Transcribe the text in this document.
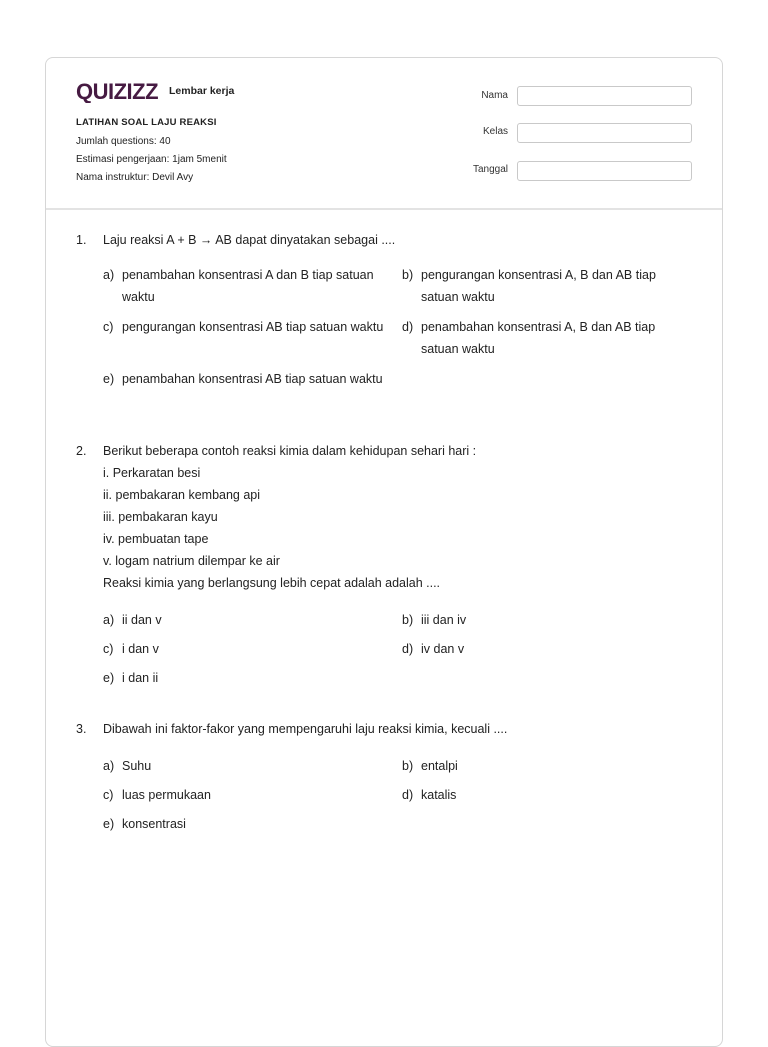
QUIZIZZ Lembar kerja
LATIHAN SOAL LAJU REAKSI
Jumlah questions: 40
Estimasi pengerjaan: 1jam 5menit
Nama instruktur: Devil Avy
Nama
Kelas
Tanggal
1. Laju reaksi A + B → AB dapat dinyatakan sebagai ....
a) penambahan konsentrasi A dan B tiap satuan waktu
b) pengurangan konsentrasi A, B dan AB tiap satuan waktu
c) pengurangan konsentrasi AB tiap satuan waktu	d) penambahan konsentrasi A, B dan AB tiap satuan waktu
e) penambahan konsentrasi AB tiap satuan waktu
2. Berikut beberapa contoh reaksi kimia dalam kehidupan sehari hari :
i. Perkaratan besi
ii. pembakaran kembang api
iii. pembakaran kayu
iv. pembuatan tape
v. logam natrium dilempar ke air
Reaksi kimia yang berlangsung lebih cepat adalah adalah ....
a) ii dan v	b) iii dan iv
c) i dan v	d) iv dan v
e) i dan ii
3. Dibawah ini faktor-fakor yang mempengaruhi laju reaksi kimia, kecuali ....
a) Suhu	b) entalpi
c) luas permukaan	d) katalis
e) konsentrasi
